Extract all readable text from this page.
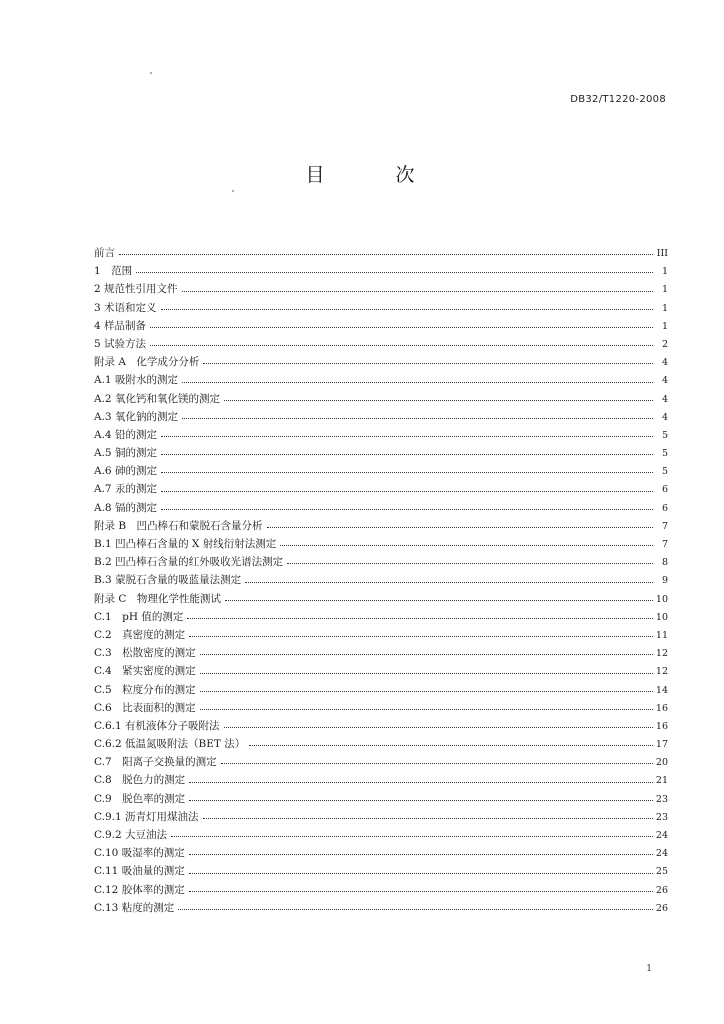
DB32/T1220-2008
目　次
前言	III
1　范围	1
2 规范性引用文件	1
3 术语和定义	1
4 样品制备	1
5 试验方法	2
附录 A　化学成分分析	4
A.1 吸附水的测定	4
A.2 氧化钙和氧化镁的测定	4
A.3 氧化钠的测定	4
A.4 铅的测定	5
A.5 铜的测定	5
A.6 砷的测定	5
A.7 汞的测定	6
A.8 镉的测定	6
附录 B　凹凸棒石和蒙脱石含量分析	7
B.1 凹凸棒石含量的 X 射线衍射法测定	7
B.2 凹凸棒石含量的红外吸收光谱法测定	8
B.3 蒙脱石含量的吸蓝量法测定	9
附录 C　物理化学性能测试	10
C.1　pH 值的测定	10
C.2　真密度的测定	11
C.3　松散密度的测定	12
C.4　紧实密度的测定	12
C.5　粒度分布的测定	14
C.6　比表面积的测定	16
C.6.1 有机液体分子吸附法	16
C.6.2 低温氮吸附法（BET 法）	17
C.7　阳离子交换量的测定	20
C.8　脱色力的测定	21
C.9　脱色率的测定	23
C.9.1 沥青灯用煤油法	23
C.9.2 大豆油法	24
C.10 吸湿率的测定	24
C.11 吸油量的测定	25
C.12 胶体率的测定	26
C.13 粘度的测定	26
1
